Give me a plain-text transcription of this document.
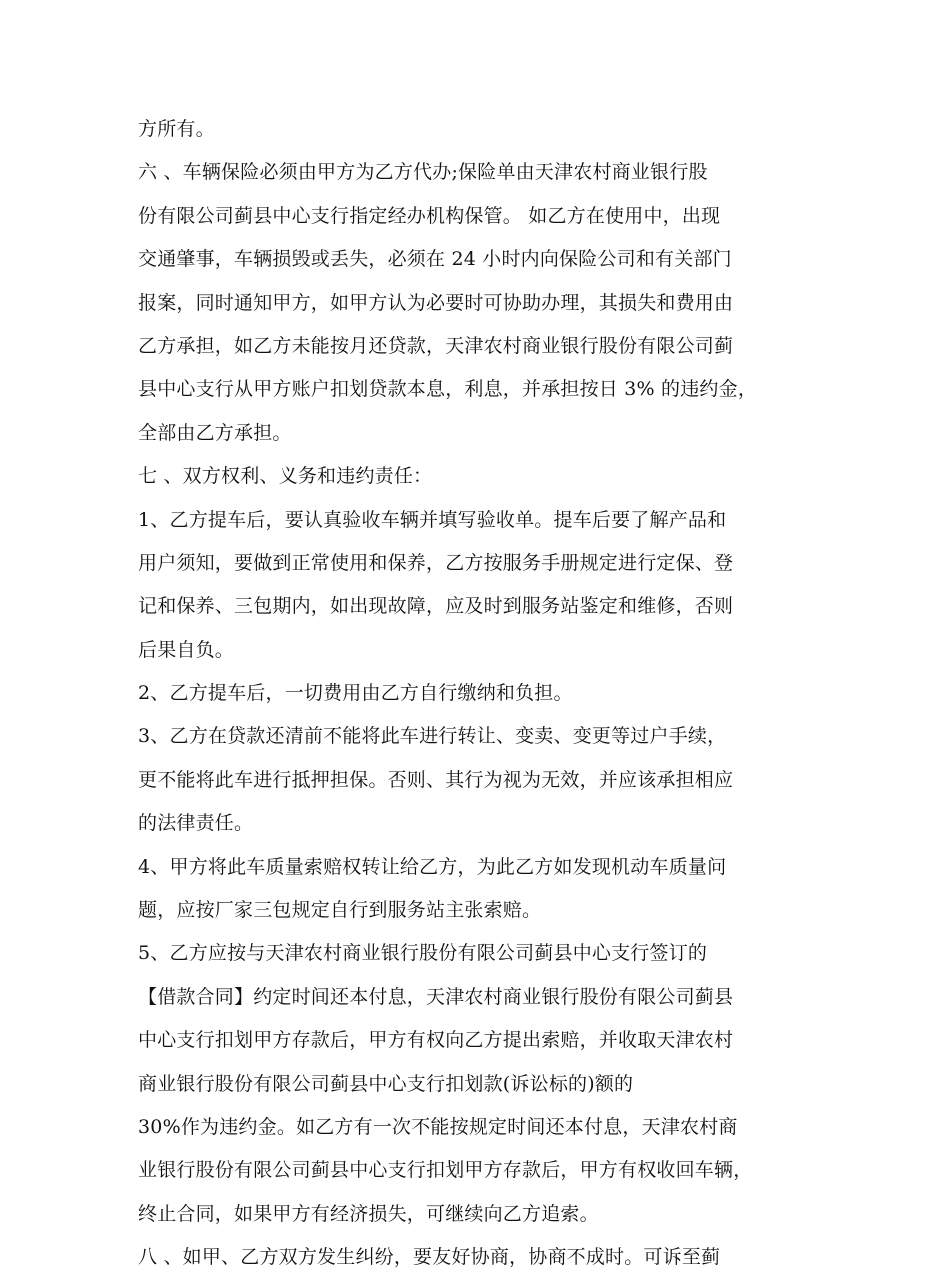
方所有。
六 、车辆保险必须由甲方为乙方代办;保险单由天津农村商业银行股
份有限公司蓟县中心支行指定经办机构保管。 如乙方在使用中，出现
交通肇事，车辆损毁或丢失，必须在 24 小时内向保险公司和有关部门
报案，同时通知甲方，如甲方认为必要时可协助办理，其损失和费用由
乙方承担，如乙方未能按月还贷款，天津农村商业银行股份有限公司蓟
县中心支行从甲方账户扣划贷款本息，利息，并承担按日 3% 的违约金，
全部由乙方承担。
七 、双方权利、义务和违约责任：
1、乙方提车后，要认真验收车辆并填写验收单。提车后要了解产品和
用户须知，要做到正常使用和保养，乙方按服务手册规定进行定保、登
记和保养、三包期内，如出现故障，应及时到服务站鉴定和维修，否则
后果自负。
2、乙方提车后，一切费用由乙方自行缴纳和负担。
3、乙方在贷款还清前不能将此车进行转让、变卖、变更等过户手续，
更不能将此车进行抵押担保。否则、其行为视为无效，并应该承担相应
的法律责任。
4、甲方将此车质量索赔权转让给乙方，为此乙方如发现机动车质量问
题，应按厂家三包规定自行到服务站主张索赔。
5、乙方应按与天津农村商业银行股份有限公司蓟县中心支行签订的
【借款合同】约定时间还本付息，天津农村商业银行股份有限公司蓟县
中心支行扣划甲方存款后，甲方有权向乙方提出索赔，并收取天津农村
商业银行股份有限公司蓟县中心支行扣划款(诉讼标的)额的
30%作为违约金。如乙方有一次不能按规定时间还本付息，天津农村商
业银行股份有限公司蓟县中心支行扣划甲方存款后，甲方有权收回车辆，
终止合同，如果甲方有经济损失，可继续向乙方追索。
八 、如甲、乙方双方发生纠纷，要友好协商，协商不成时。可诉至蓟
